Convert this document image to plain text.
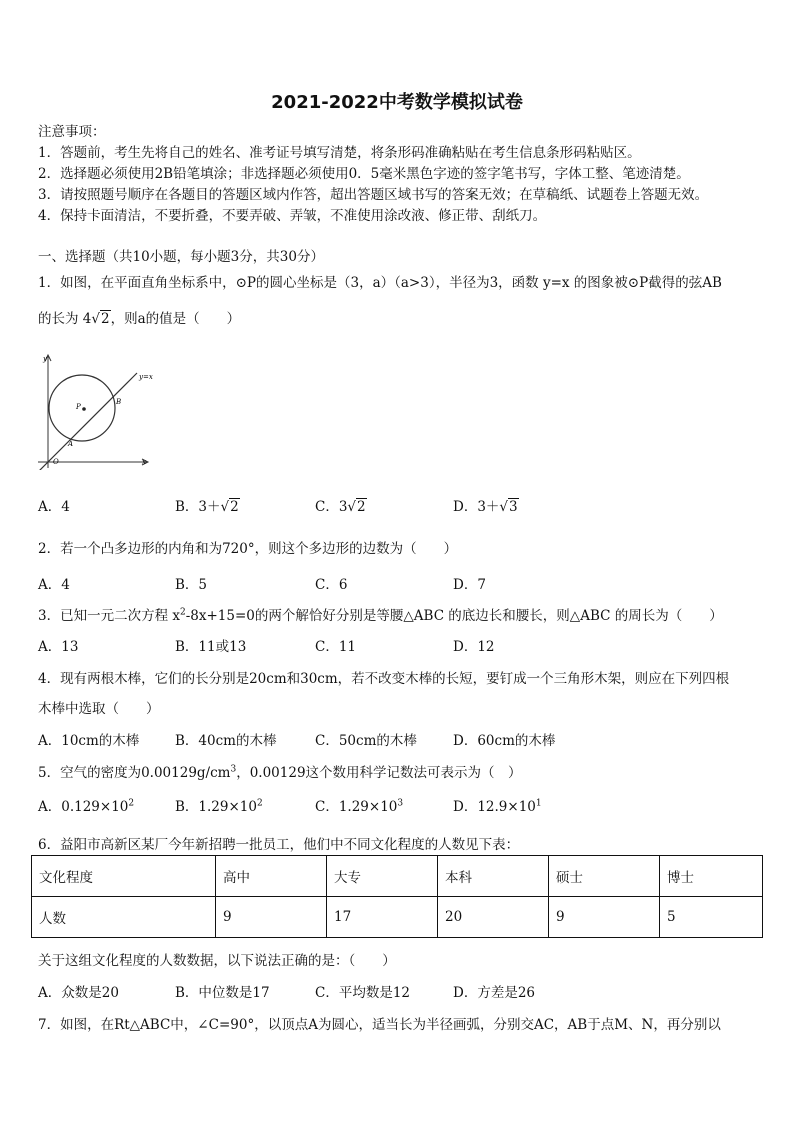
2021-2022中考数学模拟试卷
注意事项：
1．答题前，考生先将自己的姓名、准考证号填写清楚，将条形码准确粘贴在考生信息条形码粘贴区。
2．选择题必须使用2B铅笔填涂；非选择题必须使用0．5毫米黑色字迹的签字笔书写，字体工整、笔迹清楚。
3．请按照题号顺序在各题目的答题区域内作答，超出答题区域书写的答案无效；在草稿纸、试题卷上答题无效。
4．保持卡面清洁，不要折叠，不要弄破、弄皱，不准使用涂改液、修正带、刮纸刀。
一、选择题（共10小题，每小题3分，共30分）
1．如图，在平面直角坐标系中，⊙P的圆心坐标是（3，a）（a>3），半径为3，函数 y=x 的图象被⊙P截得的弦AB
的长为 4√2，则a的值是（　　）
y
y=x
P
B
A
O	x
A．4	B．3＋√2	C．3√2	D．3＋√3
2．若一个凸多边形的内角和为720°，则这个多边形的边数为（　　）
A．4	B．5	C．6	D．7
3．已知一元二次方程 $x^2-8x+15=0$的两个解恰好分别是等腰△ABC 的底边长和腰长，则△ABC 的周长为（　　）
A．13	B．11或13	C．11	D．12
4．现有两根木棒，它们的长分别是20cm和30cm，若不改变木棒的长短，要钉成一个三角形木架，则应在下列四根
木棒中选取（　　）
A．10cm的木棒	B．40cm的木棒	C．50cm的木棒	D．60cm的木棒
5．空气的密度为$0.00129g/cm^3$，0.00129这个数用科学记数法可表示为（　）
A．$0.129\times 10^2$	B．$1.29\times 10^2$	C．$1.29\times 10^3$	D．$12.9\times 10^1$
6．益阳市高新区某厂今年新招聘一批员工，他们中不同文化程度的人数见下表：
文化程度	高中	大专	本科	硕士	博士
人数	9	17	20	9	5
关于这组文化程度的人数数据，以下说法正确的是：（　　）
A．众数是20	B．中位数是17	C．平均数是12	D．方差是26
7．如图，在Rt△ABC中，∠C=90°，以顶点A为圆心，适当长为半径画弧，分别交AC，AB于点M、N，再分别以
